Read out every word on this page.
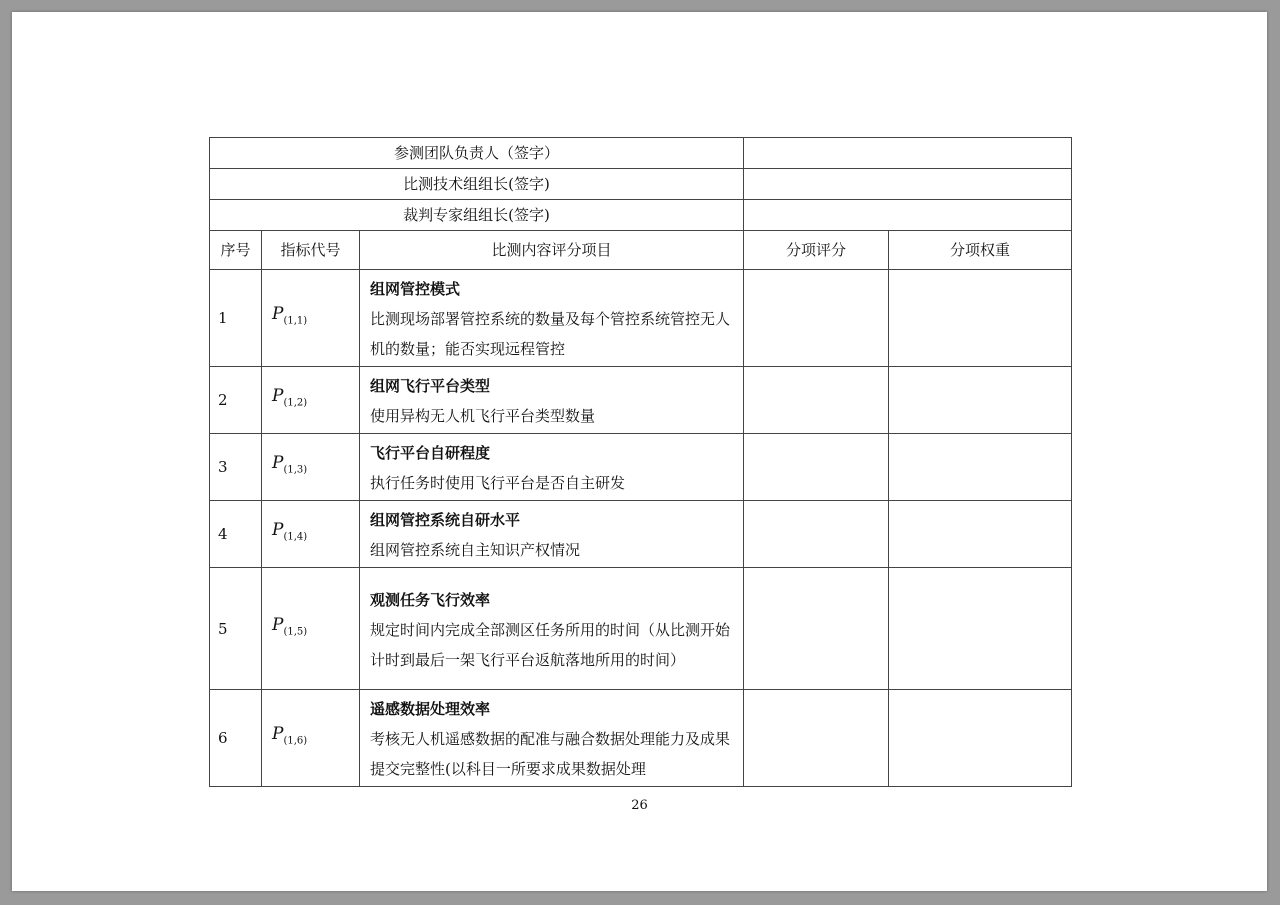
参测团队负责人（签字）				
比测技术组组长(签字)				
裁判专家组组长(签字)				
序号	指标代号	比测内容评分项目	分项评分	分项权重
1	$P_{(1,1)}$	组网管控模式
比测现场部署管控系统的数量及每个管控系统管控无人机的数量；能否实现远程管控		

2	$P_{(1,2)}$	组网飞行平台类型
使用异构无人机飞行平台类型数量		

3	$P_{(1,3)}$	飞行平台自研程度
执行任务时使用飞行平台是否自主研发		

4	$P_{(1,4)}$	组网管控系统自研水平
组网管控系统自主知识产权情况		

5	$P_{(1,5)}$	观测任务飞行效率
规定时间内完成全部测区任务所用的时间（从比测开始计时到最后一架飞行平台返航落地所用的时间）		

6	$P_{(1,6)}$	遥感数据处理效率
考核无人机遥感数据的配准与融合数据处理能力及成果提交完整性(以科目一所要求成果数据处理		

26
